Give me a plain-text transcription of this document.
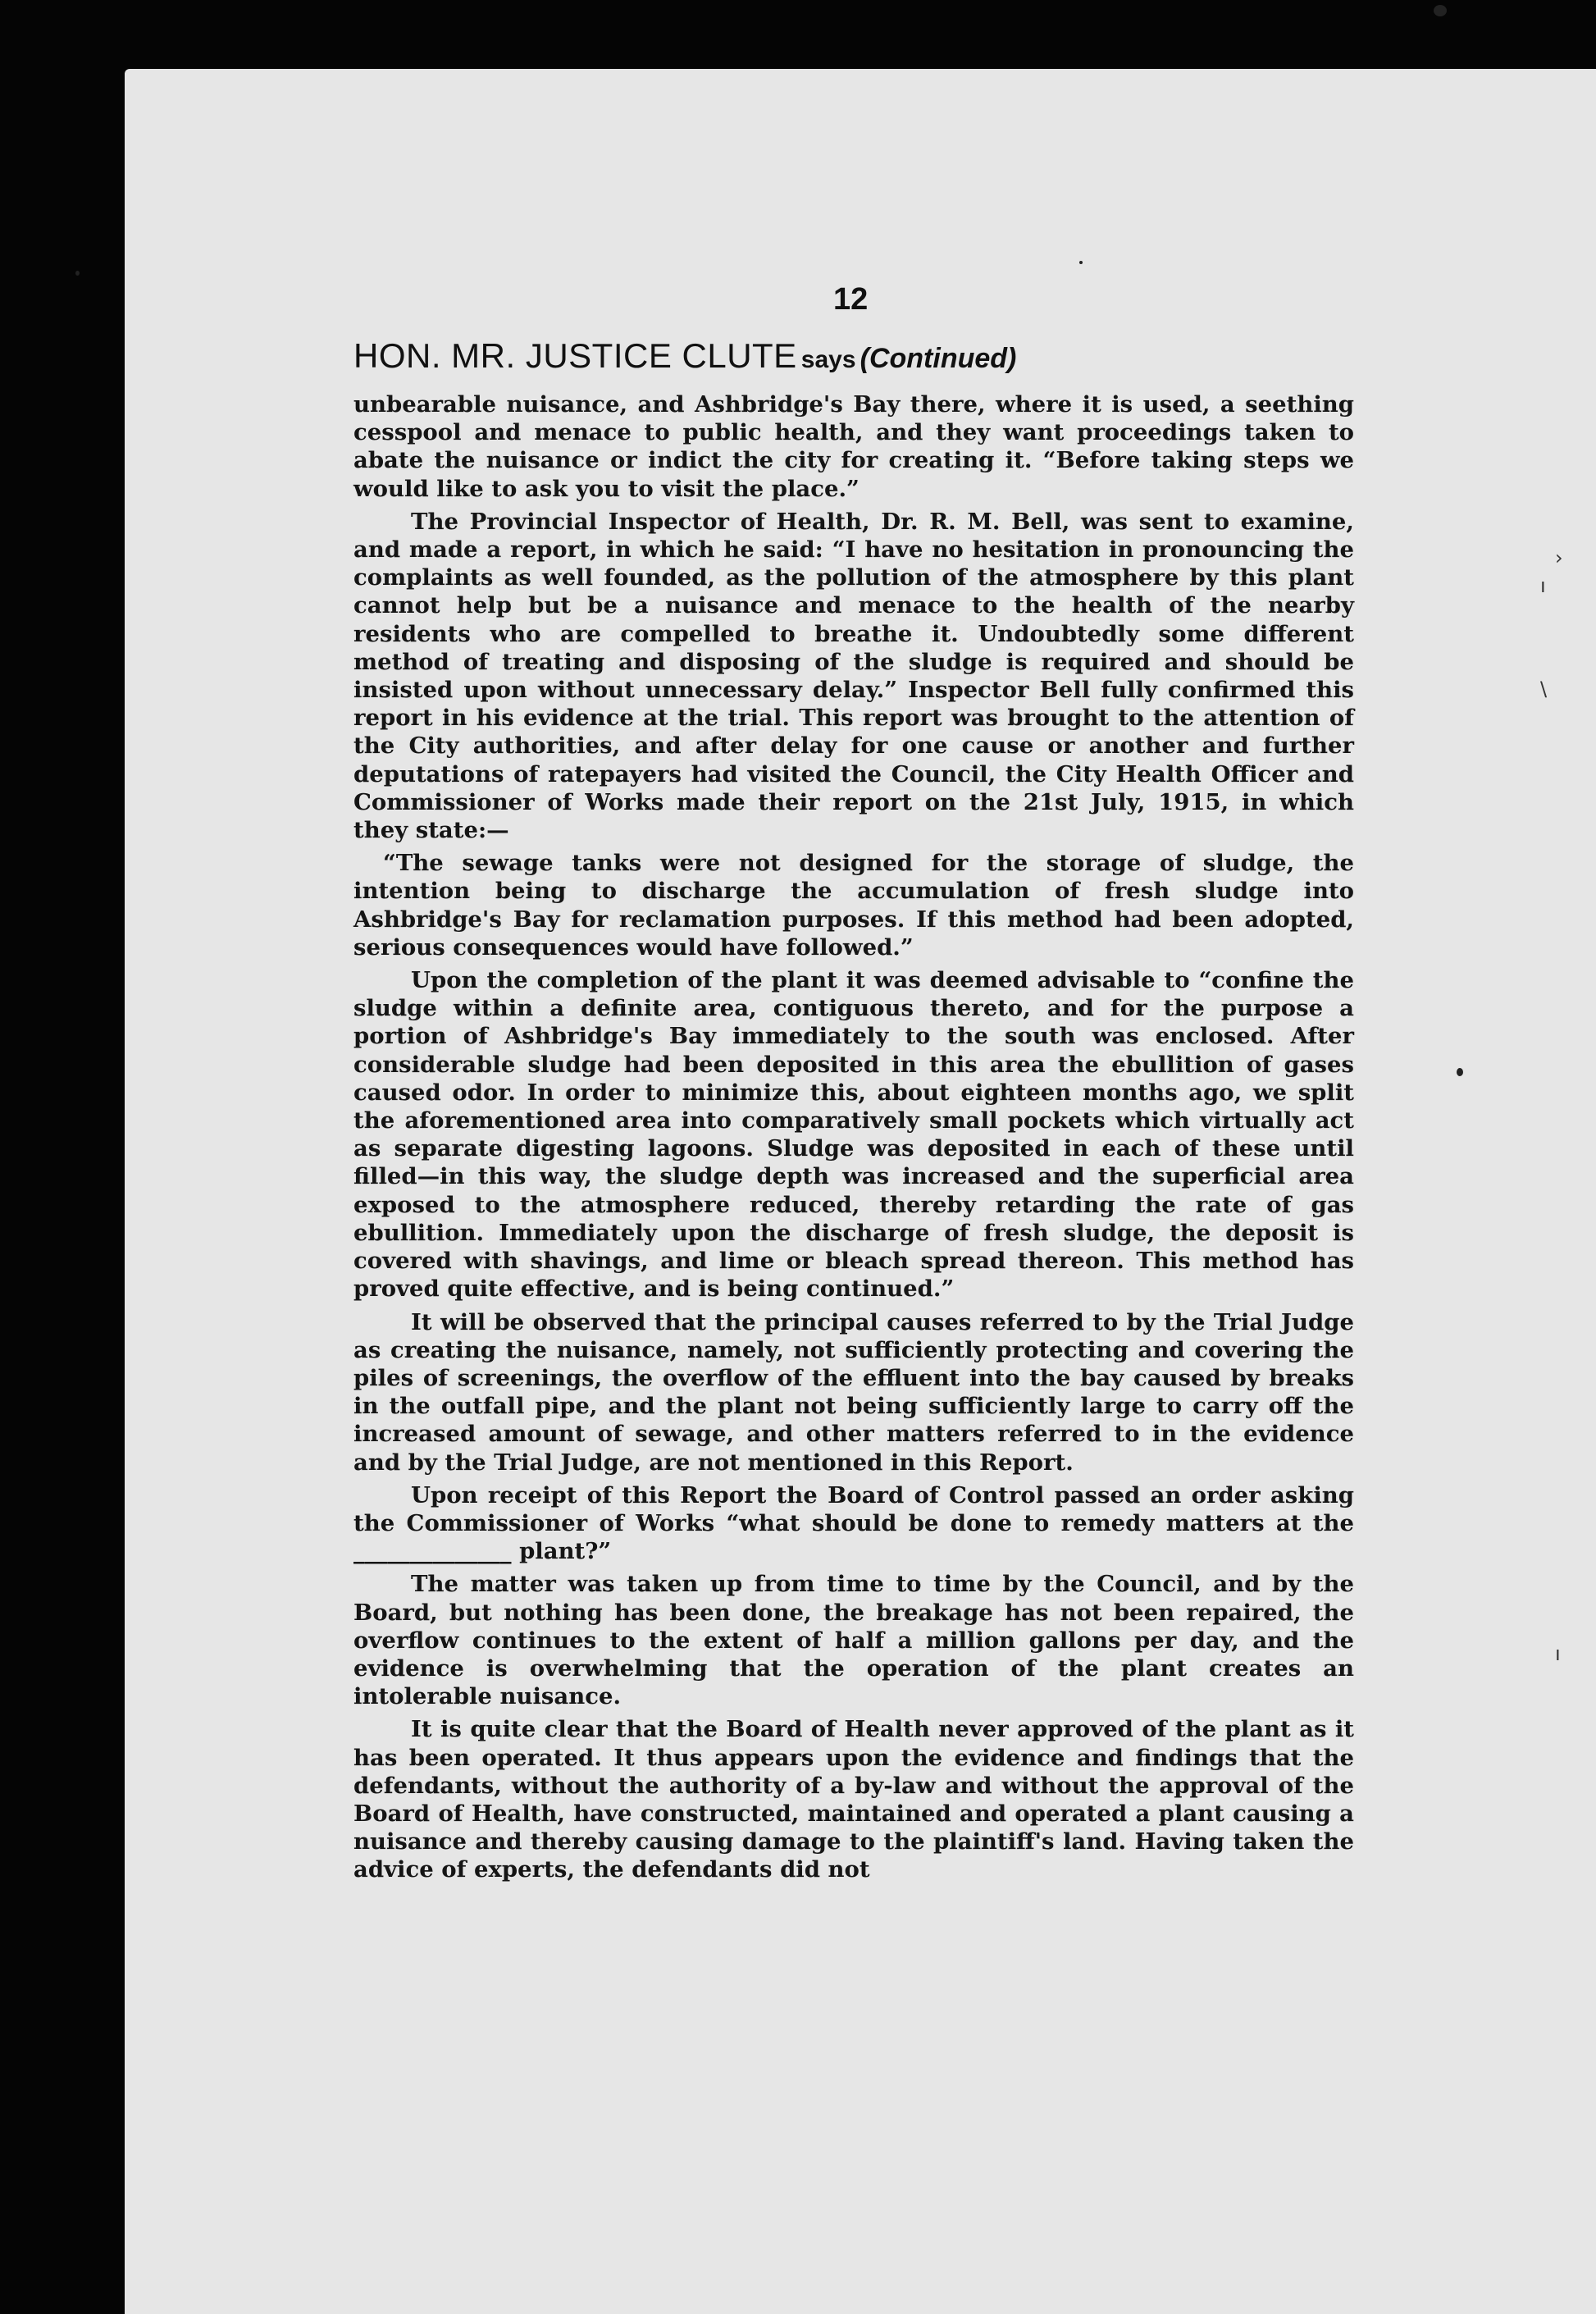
›
ı
\
ı
12
HON. MR. JUSTICE CLUTE says (Continued)

unbearable nuisance, and Ashbridge's Bay there, where it is used, a seething cesspool and menace to public health, and they want proceedings taken to abate the nuisance or indict the city for creating it. “Before taking steps we would like to ask you to visit the place.”

The Provincial Inspector of Health, Dr. R. M. Bell, was sent to examine, and made a report, in which he said: “I have no hesitation in pronouncing the complaints as well founded, as the pollution of the atmosphere by this plant cannot help but be a nuisance and menace to the health of the nearby residents who are compelled to breathe it. Undoubtedly some different method of treating and disposing of the sludge is required and should be insisted upon without unnecessary delay.” Inspector Bell fully confirmed this report in his evidence at the trial. This report was brought to the attention of the City authorities, and after delay for one cause or another and further deputations of ratepayers had visited the Council, the City Health Officer and Commissioner of Works made their report on the 21st July, 1915, in which they state:—

“The sewage tanks were not designed for the storage of sludge, the intention being to discharge the accumulation of fresh sludge into Ashbridge's Bay for reclamation purposes. If this method had been adopted, serious consequences would have followed.”

Upon the completion of the plant it was deemed advisable to “confine the sludge within a definite area, contiguous thereto, and for the purpose a portion of Ashbridge's Bay immediately to the south was enclosed. After considerable sludge had been deposited in this area the ebullition of gases caused odor. In order to minimize this, about eighteen months ago, we split the aforementioned area into comparatively small pockets which virtually act as separate digesting lagoons. Sludge was deposited in each of these until filled—in this way, the sludge depth was increased and the superficial area exposed to the atmosphere reduced, thereby retarding the rate of gas ebullition. Immediately upon the discharge of fresh sludge, the deposit is covered with shavings, and lime or bleach spread thereon. This method has proved quite effective, and is being continued.”

It will be observed that the principal causes referred to by the Trial Judge as creating the nuisance, namely, not sufficiently protecting and covering the piles of screenings, the overflow of the effluent into the bay caused by breaks in the outfall pipe, and the plant not being sufficiently large to carry off the increased amount of sewage, and other matters referred to in the evidence and by the Trial Judge, are not mentioned in this Report.

Upon receipt of this Report the Board of Control passed an order asking the Commissioner of Works “what should be done to remedy matters at the ______________ plant?”

The matter was taken up from time to time by the Council, and by the Board, but nothing has been done, the breakage has not been repaired, the overflow continues to the extent of half a million gallons per day, and the evidence is overwhelming that the operation of the plant creates an intolerable nuisance.

It is quite clear that the Board of Health never approved of the plant as it has been operated. It thus appears upon the evidence and findings that the defendants, without the authority of a by-law and without the approval of the Board of Health, have constructed, maintained and operated a plant causing a nuisance and thereby causing damage to the plaintiff's land. Having taken the advice of experts, the defendants did not
